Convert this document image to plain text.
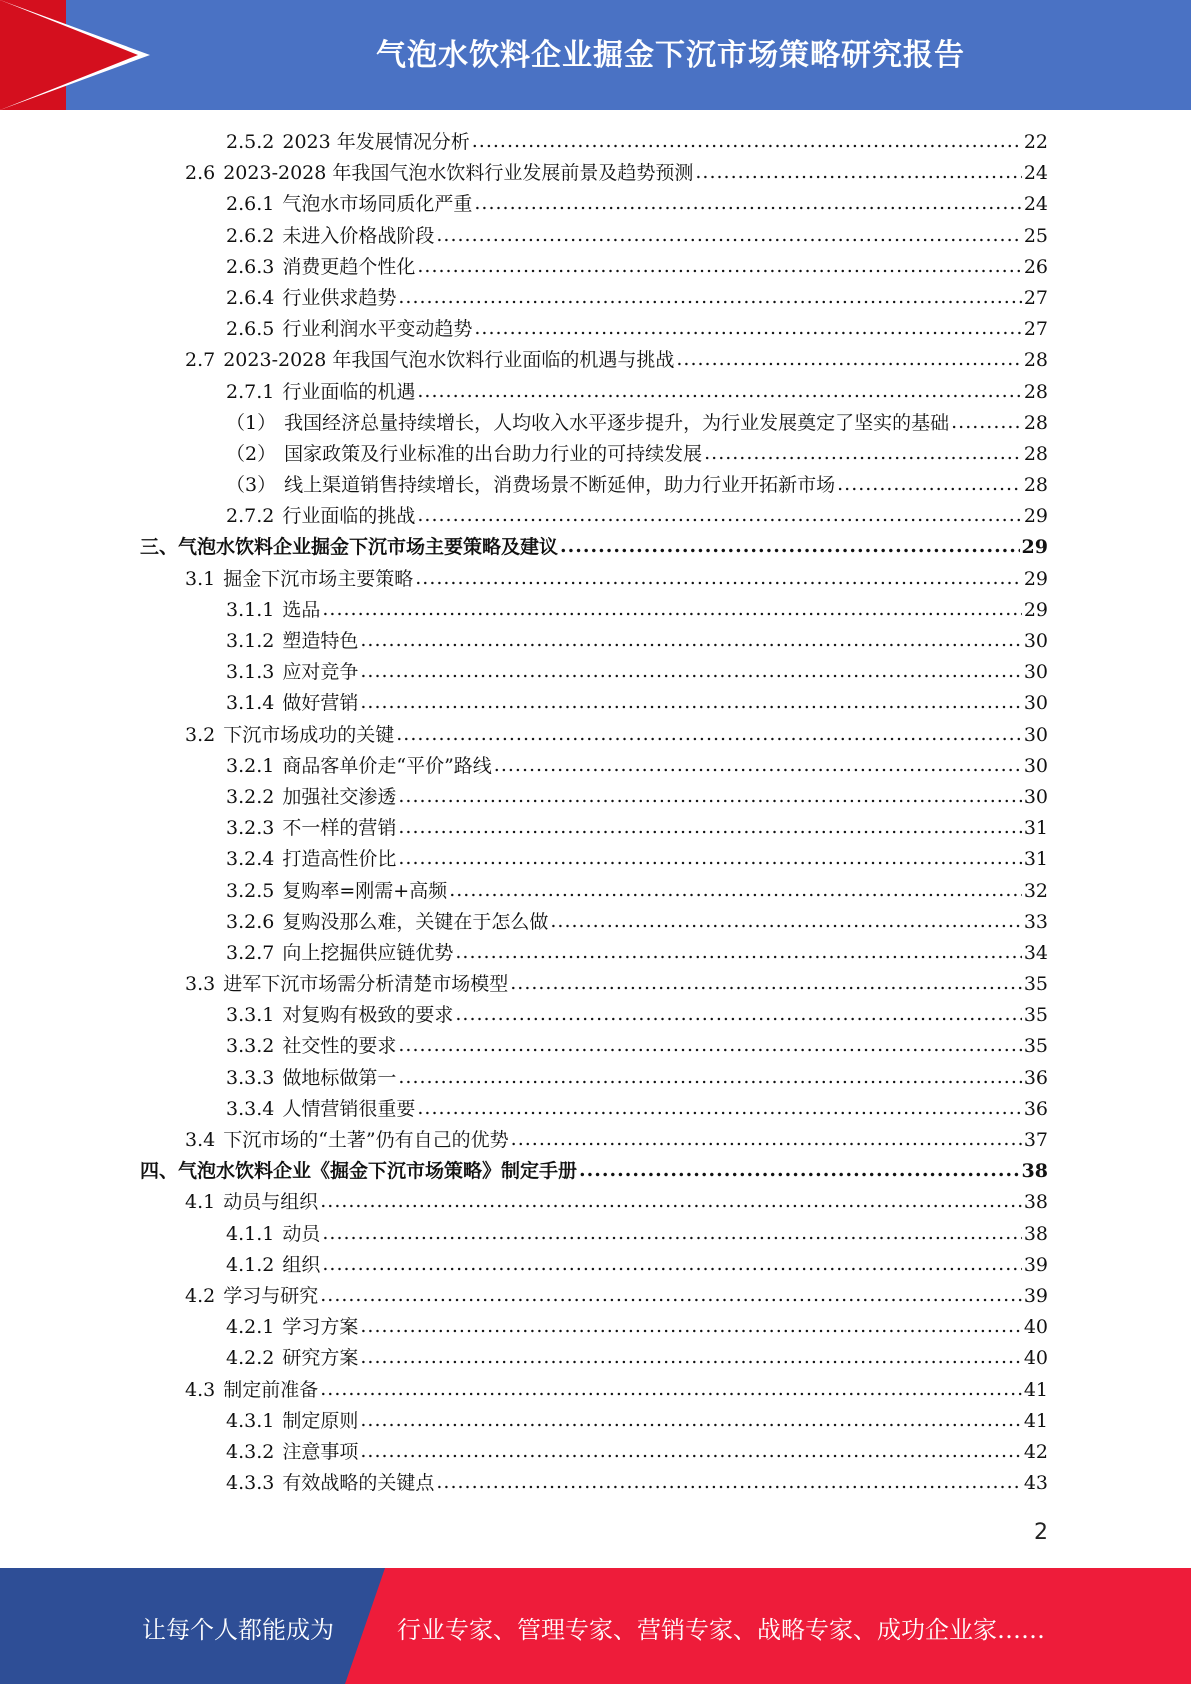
气泡水饮料企业掘金下沉市场策略研究报告
2.5.2 2023 年发展情况分析 .....	22
2.6 2023-2028 年我国气泡水饮料行业发展前景及趋势预测 .....	24
2.6.1 气泡水市场同质化严重 .....	24
2.6.2 未进入价格战阶段 .....	25
2.6.3 消费更趋个性化 .....	26
2.6.4 行业供求趋势 .....	27
2.6.5 行业利润水平变动趋势 .....	27
2.7 2023-2028 年我国气泡水饮料行业面临的机遇与挑战 .....	28
2.7.1 行业面临的机遇 .....	28
（1） 我国经济总量持续增长，人均收入水平逐步提升，为行业发展奠定了坚实的基础 .....	28
（2） 国家政策及行业标准的出台助力行业的可持续发展 .....	28
（3） 线上渠道销售持续增长，消费场景不断延伸，助力行业开拓新市场 .....	28
2.7.2 行业面临的挑战 .....	29
三、 气泡水饮料企业掘金下沉市场主要策略及建议 .....	29
3.1 掘金下沉市场主要策略 .....	29
3.1.1 选品 .....	29
3.1.2 塑造特色 .....	30
3.1.3 应对竞争 .....	30
3.1.4 做好营销 .....	30
3.2 下沉市场成功的关键 .....	30
3.2.1 商品客单价走“平价”路线 .....	30
3.2.2 加强社交渗透 .....	30
3.2.3 不一样的营销 .....	31
3.2.4 打造高性价比 .....	31
3.2.5 复购率=刚需+高频 .....	32
3.2.6 复购没那么难，关键在于怎么做 .....	33
3.2.7 向上挖掘供应链优势 .....	34
3.3 进军下沉市场需分析清楚市场模型 .....	35
3.3.1 对复购有极致的要求 .....	35
3.3.2 社交性的要求 .....	35
3.3.3 做地标做第一 .....	36
3.3.4 人情营销很重要 .....	36
3.4 下沉市场的“土著”仍有自己的优势 .....	37
四、 气泡水饮料企业《掘金下沉市场策略》制定手册 .....	38
4.1 动员与组织 .....	38
4.1.1 动员 .....	38
4.1.2 组织 .....	39
4.2 学习与研究 .....	39
4.2.1 学习方案 .....	40
4.2.2 研究方案 .....	40
4.3 制定前准备 .....	41
4.3.1 制定原则 .....	41
4.3.2 注意事项 .....	42
4.3.3 有效战略的关键点 .....	43
2
让每个人都能成为	行业专家、管理专家、营销专家、战略专家、成功企业家……
